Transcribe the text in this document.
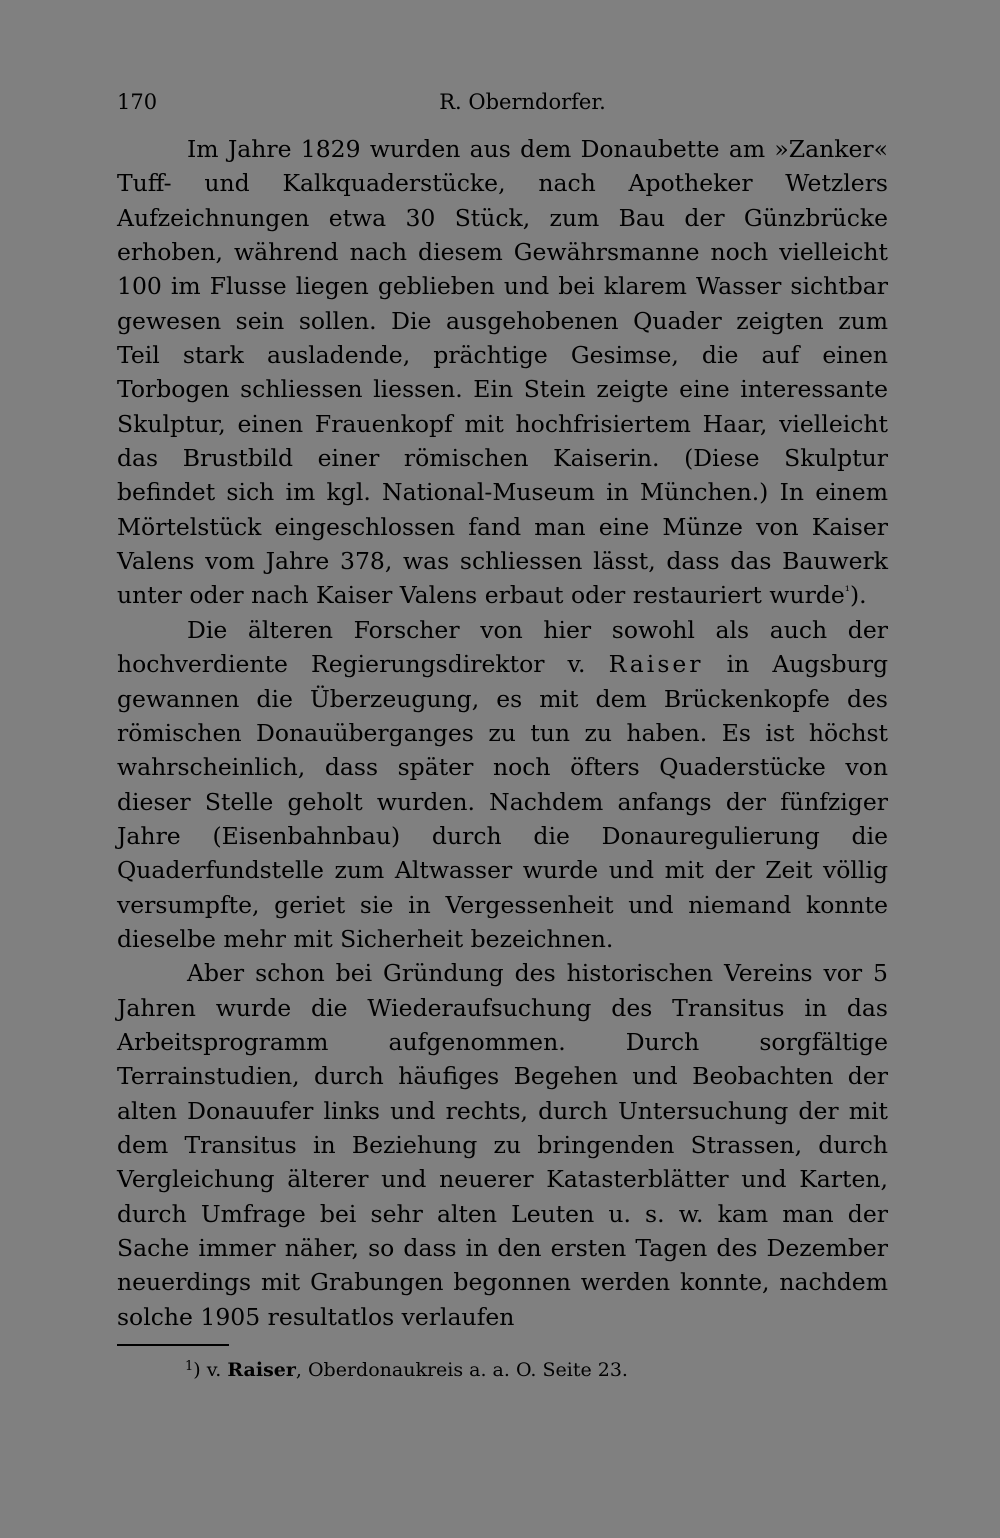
170	R. Oberndorfer.

Im Jahre 1829 wurden aus dem Donaubette am »Zanker« Tuff- und Kalkquaderstücke, nach Apotheker Wetzlers Aufzeichnungen etwa 30 Stück, zum Bau der Günzbrücke erhoben, während nach diesem Gewährsmanne noch vielleicht 100 im Flusse liegen geblieben und bei klarem Wasser sichtbar gewesen sein sollen. Die ausgehobenen Quader zeigten zum Teil stark ausladende, prächtige Gesimse, die auf einen Torbogen schliessen liessen. Ein Stein zeigte eine interessante Skulptur, einen Frauenkopf mit hochfrisiertem Haar, vielleicht das Brustbild einer römischen Kaiserin. (Diese Skulptur befindet sich im kgl. National-Museum in München.) In einem Mörtelstück eingeschlossen fand man eine Münze von Kaiser Valens vom Jahre 378, was schliessen lässt, dass das Bauwerk unter oder nach Kaiser Valens erbaut oder restauriert wurde$^{^1}$).

Die älteren Forscher von hier sowohl als auch der hochverdiente Regierungsdirektor v. Raiser in Augsburg gewannen die Überzeugung, es mit dem Brückenkopfe des römischen Donauüberganges zu tun zu haben. Es ist höchst wahrscheinlich, dass später noch öfters Quaderstücke von dieser Stelle geholt wurden. Nachdem anfangs der fünfziger Jahre (Eisenbahnbau) durch die Donauregulierung die Quaderfundstelle zum Altwasser wurde und mit der Zeit völlig versumpfte, geriet sie in Vergessenheit und niemand konnte dieselbe mehr mit Sicherheit bezeichnen.

Aber schon bei Gründung des historischen Vereins vor 5 Jahren wurde die Wiederaufsuchung des Transitus in das Arbeitsprogramm aufgenommen. Durch sorgfältige Terrainstudien, durch häufiges Begehen und Beobachten der alten Donauufer links und rechts, durch Untersuchung der mit dem Transitus in Beziehung zu bringenden Strassen, durch Vergleichung älterer und neuerer Katasterblätter und Karten, durch Umfrage bei sehr alten Leuten u. s. w. kam man der Sache immer näher, so dass in den ersten Tagen des Dezember neuerdings mit Grabungen begonnen werden konnte, nachdem solche 1905 resultatlos verlaufen

$^1$) v. Raiser, Oberdonaukreis a. a. O. Seite 23.
